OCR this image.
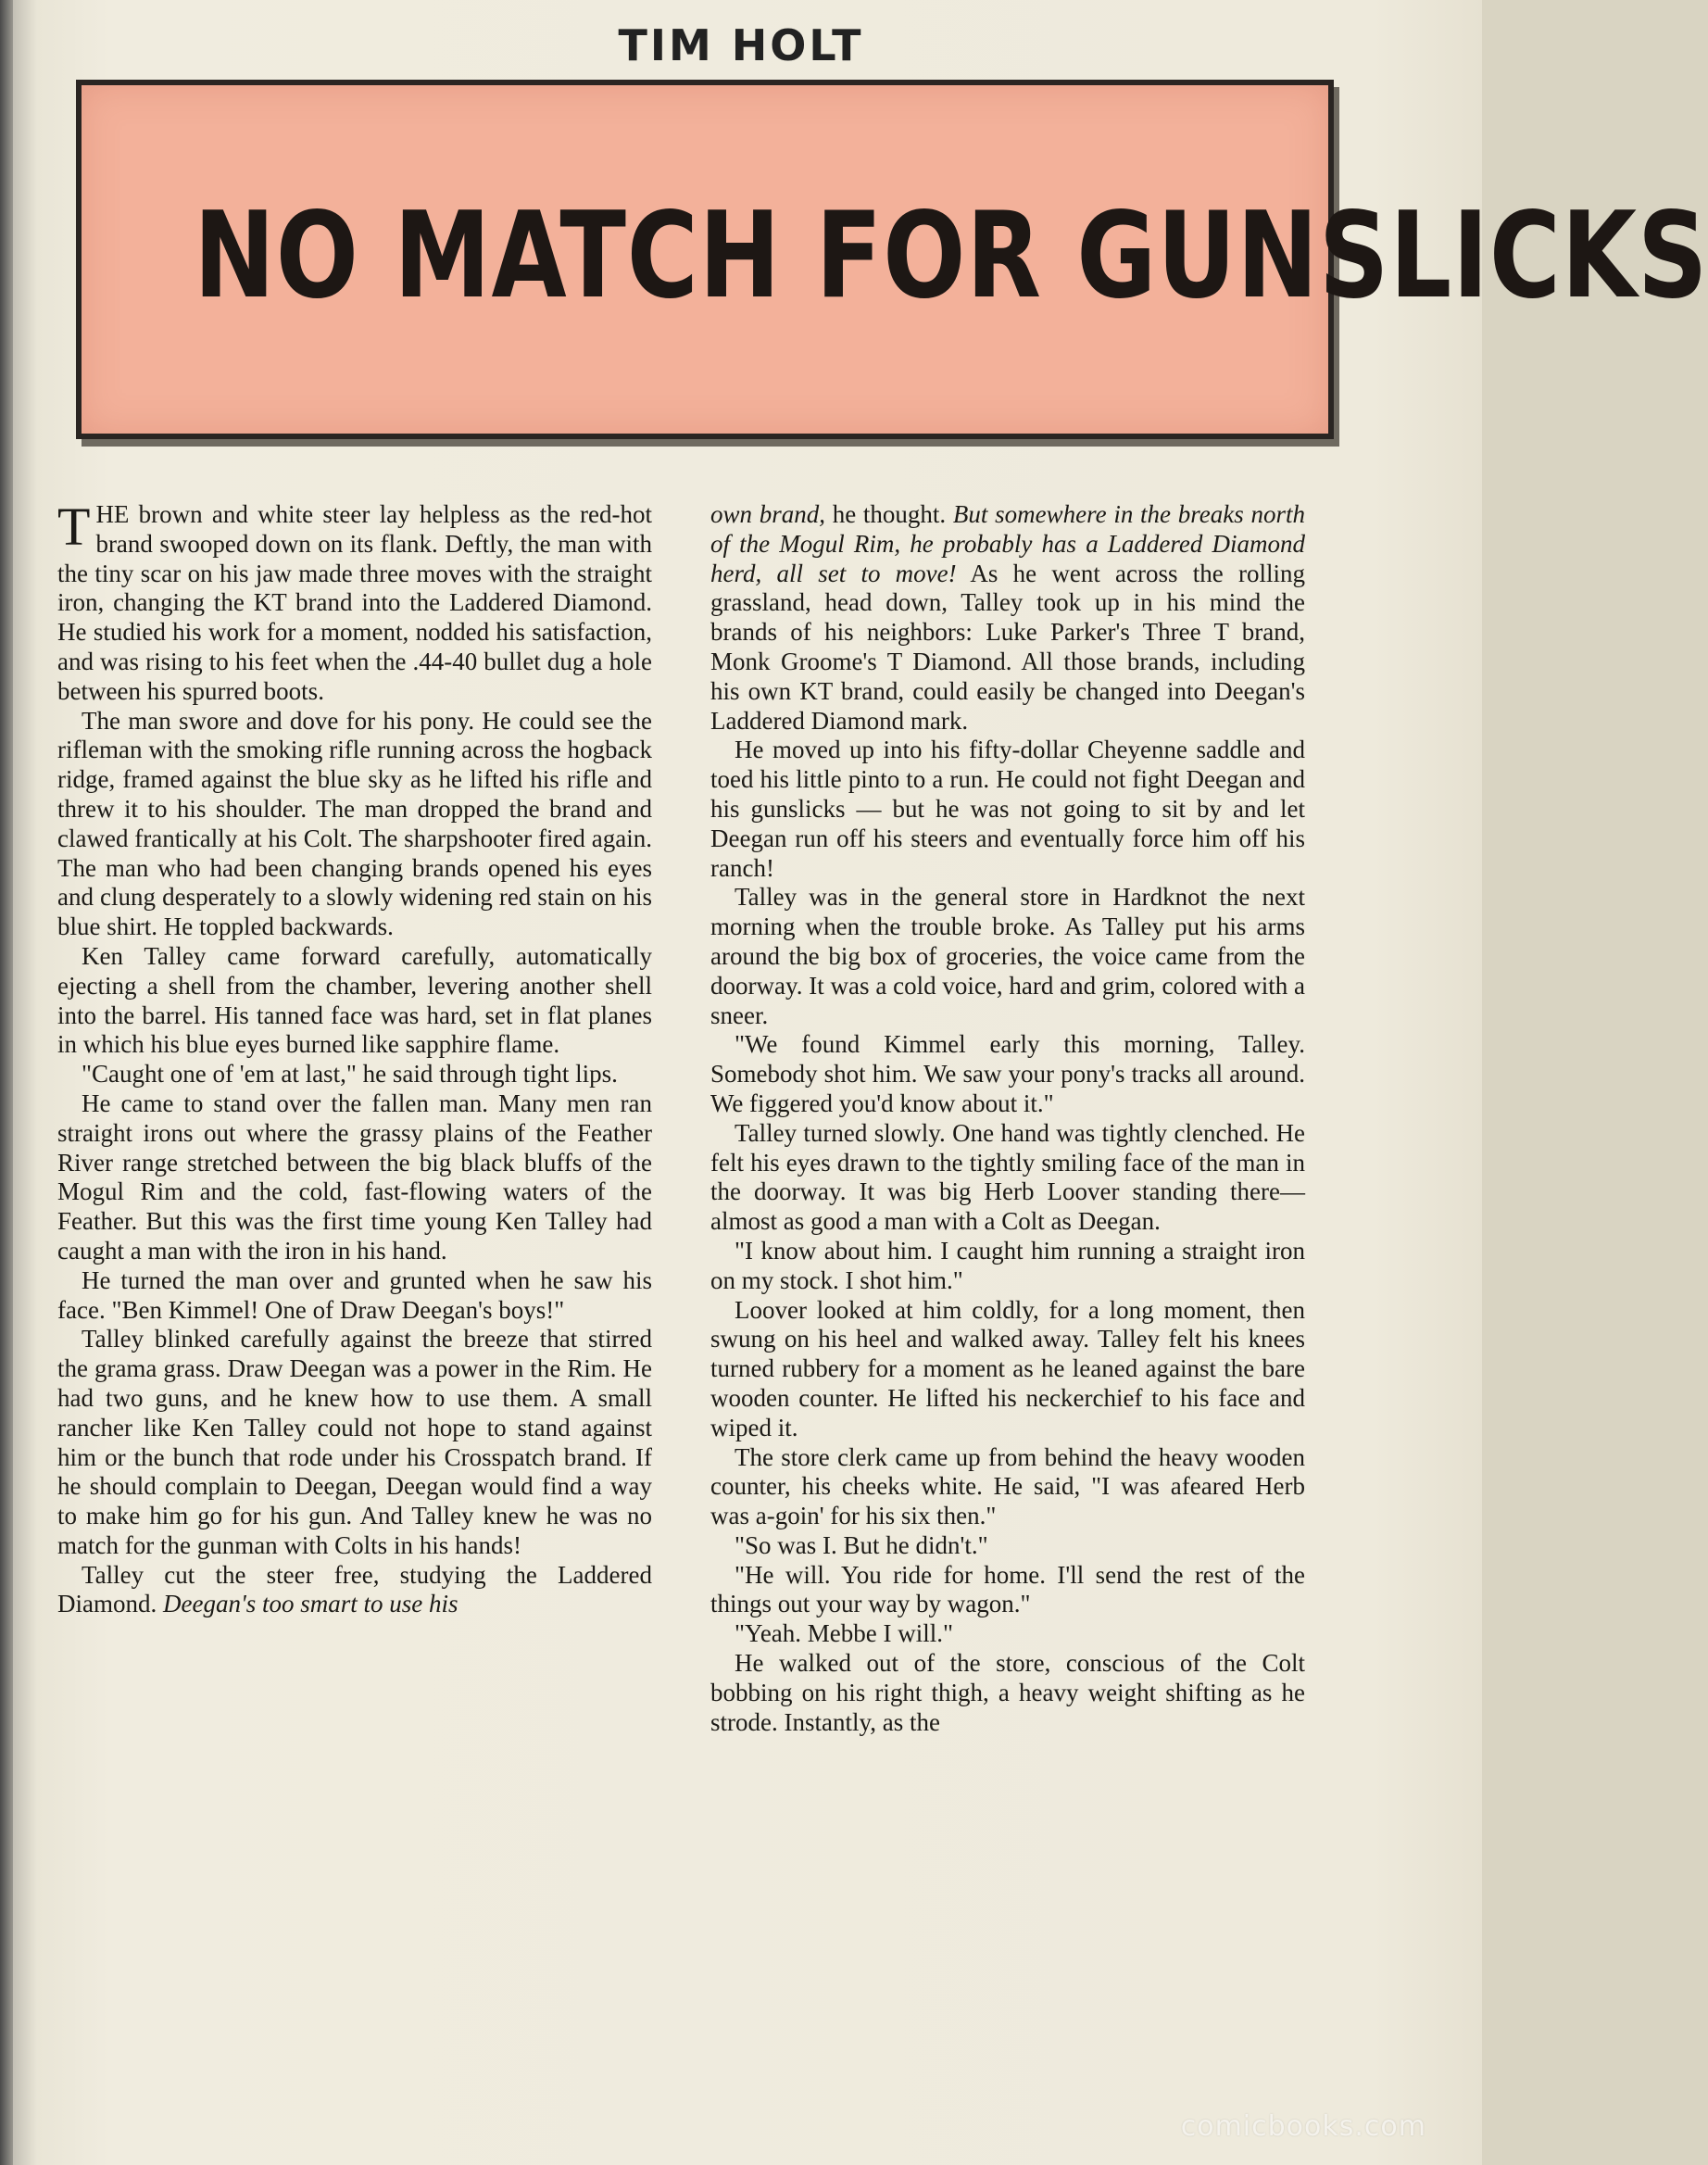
TIM HOLT
NO MATCH FOR GUNSLICKS

THE brown and white steer lay helpless as the red-hot brand swooped down on its flank. Deftly, the man with the tiny scar on his jaw made three moves with the straight iron, changing the KT brand into the Laddered Diamond. He studied his work for a moment, nodded his satisfaction, and was rising to his feet when the .44-40 bullet dug a hole between his spurred boots.

The man swore and dove for his pony. He could see the rifleman with the smoking rifle running across the hogback ridge, framed against the blue sky as he lifted his rifle and threw it to his shoulder. The man dropped the brand and clawed frantically at his Colt. The sharpshooter fired again. The man who had been changing brands opened his eyes and clung desperately to a slowly widening red stain on his blue shirt. He toppled backwards.

Ken Talley came forward carefully, automatically ejecting a shell from the chamber, levering another shell into the barrel. His tanned face was hard, set in flat planes in which his blue eyes burned like sapphire flame.

"Caught one of 'em at last," he said through tight lips.

He came to stand over the fallen man. Many men ran straight irons out where the grassy plains of the Feather River range stretched between the big black bluffs of the Mogul Rim and the cold, fast-flowing waters of the Feather. But this was the first time young Ken Talley had caught a man with the iron in his hand.

He turned the man over and grunted when he saw his face. "Ben Kimmel! One of Draw Deegan's boys!"

Talley blinked carefully against the breeze that stirred the grama grass. Draw Deegan was a power in the Rim. He had two guns, and he knew how to use them. A small rancher like Ken Talley could not hope to stand against him or the bunch that rode under his Crosspatch brand. If he should complain to Deegan, Deegan would find a way to make him go for his gun. And Talley knew he was no match for the gunman with Colts in his hands!

Talley cut the steer free, studying the Laddered Diamond. Deegan's too smart to use his

own brand, he thought. But somewhere in the breaks north of the Mogul Rim, he probably has a Laddered Diamond herd, all set to move! As he went across the rolling grassland, head down, Talley took up in his mind the brands of his neighbors: Luke Parker's Three T brand, Monk Groome's T Diamond. All those brands, including his own KT brand, could easily be changed into Deegan's Laddered Diamond mark.

He moved up into his fifty-dollar Cheyenne saddle and toed his little pinto to a run. He could not fight Deegan and his gunslicks — but he was not going to sit by and let Deegan run off his steers and eventually force him off his ranch!

Talley was in the general store in Hardknot the next morning when the trouble broke. As Talley put his arms around the big box of groceries, the voice came from the doorway. It was a cold voice, hard and grim, colored with a sneer.

"We found Kimmel early this morning, Talley. Somebody shot him. We saw your pony's tracks all around. We figgered you'd know about it."

Talley turned slowly. One hand was tightly clenched. He felt his eyes drawn to the tightly smiling face of the man in the doorway. It was big Herb Loover standing there—almost as good a man with a Colt as Deegan.

"I know about him. I caught him running a straight iron on my stock. I shot him."

Loover looked at him coldly, for a long moment, then swung on his heel and walked away. Talley felt his knees turned rubbery for a moment as he leaned against the bare wooden counter. He lifted his neckerchief to his face and wiped it.

The store clerk came up from behind the heavy wooden counter, his cheeks white. He said, "I was afeared Herb was a-goin' for his six then."

"So was I. But he didn't."

"He will. You ride for home. I'll send the rest of the things out your way by wagon."

"Yeah. Mebbe I will."

He walked out of the store, conscious of the Colt bobbing on his right thigh, a heavy weight shifting as he strode. Instantly, as the

comicbooks.com
